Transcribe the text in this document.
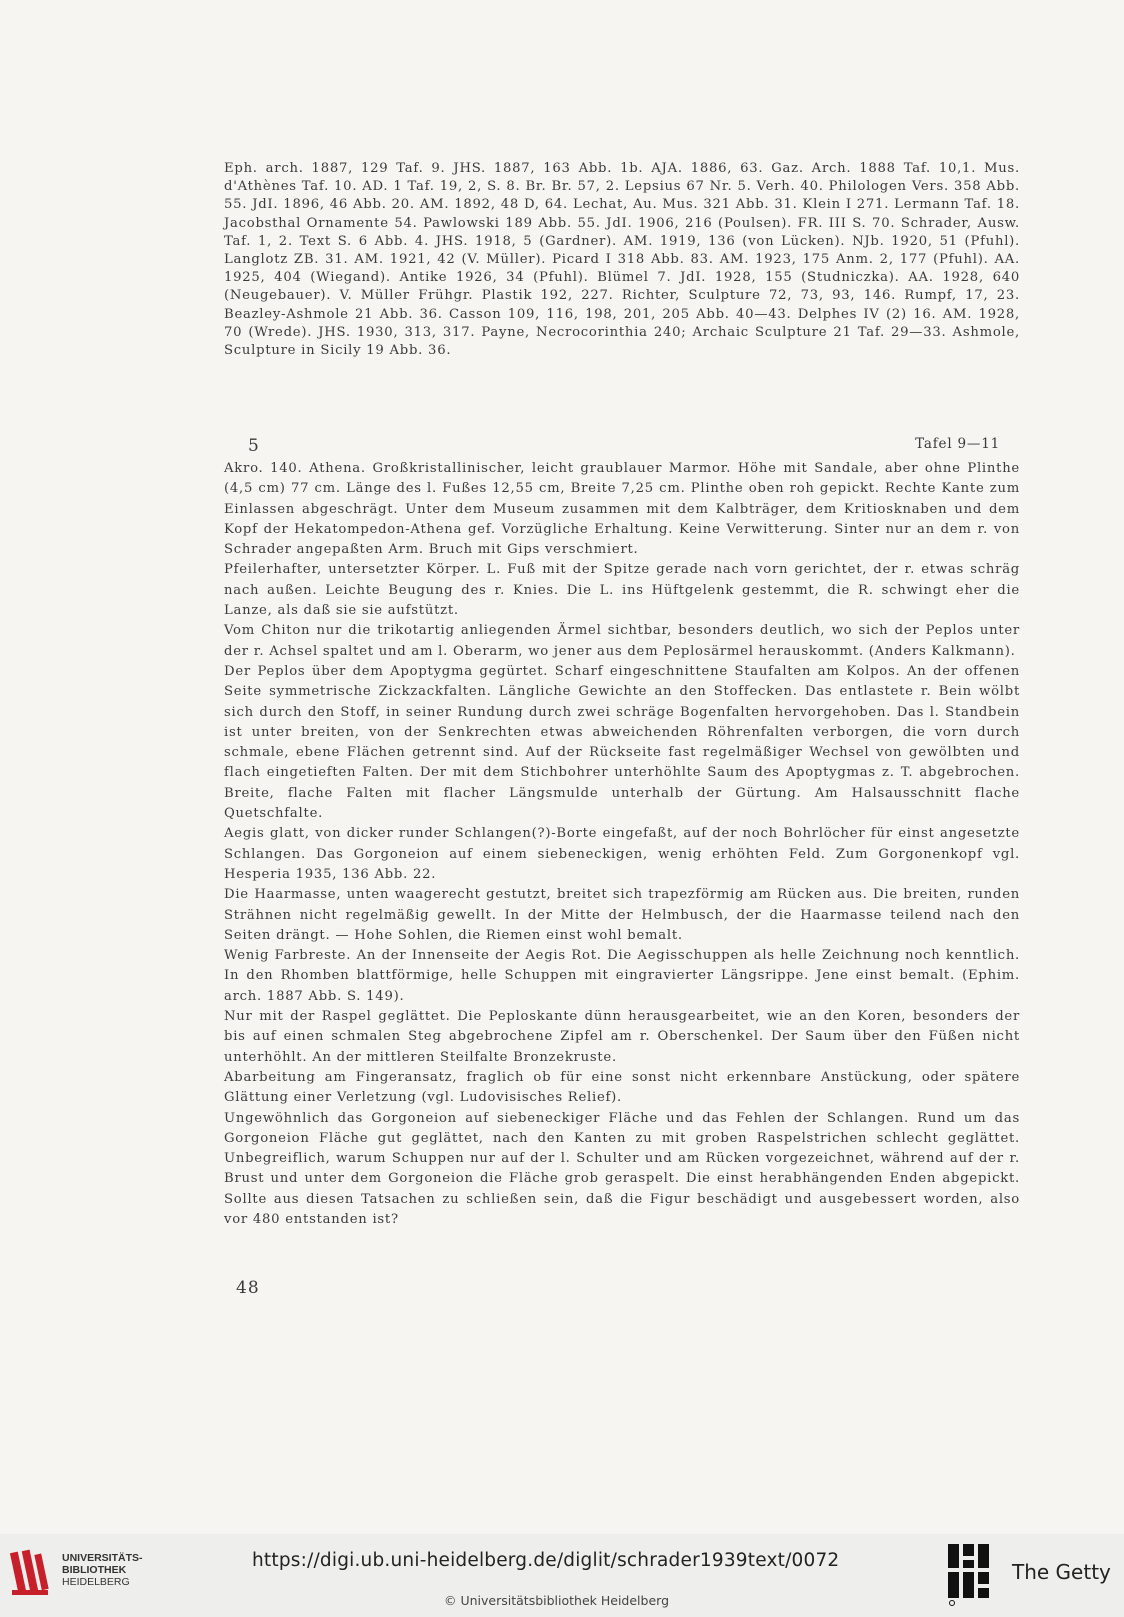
Eph. arch. 1887, 129 Taf. 9. JHS. 1887, 163 Abb. 1b. AJA. 1886, 63. Gaz. Arch. 1888 Taf. 10,1. Mus. d'Athènes Taf. 10. AD. 1 Taf. 19, 2, S. 8. Br. Br. 57, 2. Lepsius 67 Nr. 5. Verh. 40. Philologen Vers. 358 Abb. 55. JdI. 1896, 46 Abb. 20. AM. 1892, 48 D, 64. Lechat, Au. Mus. 321 Abb. 31. Klein I 271. Lermann Taf. 18. Jacobsthal Ornamente 54. Pawlowski 189 Abb. 55. JdI. 1906, 216 (Poulsen). FR. III S. 70. Schrader, Ausw. Taf. 1, 2. Text S. 6 Abb. 4. JHS. 1918, 5 (Gardner). AM. 1919, 136 (von Lücken). NJb. 1920, 51 (Pfuhl). Langlotz ZB. 31. AM. 1921, 42 (V. Müller). Picard I 318 Abb. 83. AM. 1923, 175 Anm. 2, 177 (Pfuhl). AA. 1925, 404 (Wiegand). Antike 1926, 34 (Pfuhl). Blümel 7. JdI. 1928, 155 (Studniczka). AA. 1928, 640 (Neugebauer). V. Müller Frühgr. Plastik 192, 227. Richter, Sculpture 72, 73, 93, 146. Rumpf, 17, 23. Beazley-Ashmole 21 Abb. 36. Casson 109, 116, 198, 201, 205 Abb. 40—43. Delphes IV (2) 16. AM. 1928, 70 (Wrede). JHS. 1930, 313, 317. Payne, Necrocorinthia 240; Archaic Sculpture 21 Taf. 29—33. Ashmole, Sculpture in Sicily 19 Abb. 36.
5	Tafel 9—11

Akro. 140. Athena. Großkristallinischer, leicht graublauer Marmor. Höhe mit Sandale, aber ohne Plinthe (4,5 cm) 77 cm. Länge des l. Fußes 12,55 cm, Breite 7,25 cm. Plinthe oben roh gepickt. Rechte Kante zum Einlassen abgeschrägt. Unter dem Museum zusammen mit dem Kalbträger, dem Kritiosknaben und dem Kopf der Hekatompedon-Athena gef. Vorzügliche Erhaltung. Keine Verwitterung. Sinter nur an dem r. von Schrader angepaßten Arm. Bruch mit Gips verschmiert.

Pfeilerhafter, untersetzter Körper. L. Fuß mit der Spitze gerade nach vorn gerichtet, der r. etwas schräg nach außen. Leichte Beugung des r. Knies. Die L. ins Hüftgelenk gestemmt, die R. schwingt eher die Lanze, als daß sie sie aufstützt.

Vom Chiton nur die trikotartig anliegenden Ärmel sichtbar, besonders deutlich, wo sich der Peplos unter der r. Achsel spaltet und am l. Oberarm, wo jener aus dem Peplosärmel herauskommt. (Anders Kalkmann).

Der Peplos über dem Apoptygma gegürtet. Scharf eingeschnittene Staufalten am Kolpos. An der offenen Seite symmetrische Zickzackfalten. Längliche Gewichte an den Stoffecken. Das entlastete r. Bein wölbt sich durch den Stoff, in seiner Rundung durch zwei schräge Bogenfalten hervorgehoben. Das l. Standbein ist unter breiten, von der Senkrechten etwas abweichenden Röhrenfalten verborgen, die vorn durch schmale, ebene Flächen getrennt sind. Auf der Rückseite fast regelmäßiger Wechsel von gewölbten und flach eingetieften Falten. Der mit dem Stichbohrer unterhöhlte Saum des Apoptygmas z. T. abgebrochen. Breite, flache Falten mit flacher Längsmulde unterhalb der Gürtung. Am Halsausschnitt flache Quetschfalte.

Aegis glatt, von dicker runder Schlangen(?)-Borte eingefaßt, auf der noch Bohrlöcher für einst angesetzte Schlangen. Das Gorgoneion auf einem siebeneckigen, wenig erhöhten Feld. Zum Gorgonenkopf vgl. Hesperia 1935, 136 Abb. 22.

Die Haarmasse, unten waagerecht gestutzt, breitet sich trapezförmig am Rücken aus. Die breiten, runden Strähnen nicht regelmäßig gewellt. In der Mitte der Helmbusch, der die Haarmasse teilend nach den Seiten drängt. — Hohe Sohlen, die Riemen einst wohl bemalt.

Wenig Farbreste. An der Innenseite der Aegis Rot. Die Aegisschuppen als helle Zeichnung noch kenntlich. In den Rhomben blattförmige, helle Schuppen mit eingravierter Längsrippe. Jene einst bemalt. (Ephim. arch. 1887 Abb. S. 149).

Nur mit der Raspel geglättet. Die Peploskante dünn herausgearbeitet, wie an den Koren, besonders der bis auf einen schmalen Steg abgebrochene Zipfel am r. Oberschenkel. Der Saum über den Füßen nicht unterhöhlt. An der mittleren Steilfalte Bronzekruste.

Abarbeitung am Fingeransatz, fraglich ob für eine sonst nicht erkennbare Anstückung, oder spätere Glättung einer Verletzung (vgl. Ludovisisches Relief).

Ungewöhnlich das Gorgoneion auf siebeneckiger Fläche und das Fehlen der Schlangen. Rund um das Gorgoneion Fläche gut geglättet, nach den Kanten zu mit groben Raspelstrichen schlecht geglättet. Unbegreiflich, warum Schuppen nur auf der l. Schulter und am Rücken vorgezeichnet, während auf der r. Brust und unter dem Gorgoneion die Fläche grob geraspelt. Die einst herabhängenden Enden abgepickt. Sollte aus diesen Tatsachen zu schließen sein, daß die Figur beschädigt und ausgebessert worden, also vor 480 entstanden ist?

48
UNIVERSITÄTS-
BIBLIOTHEK
HEIDELBERG
https://digi.ub.uni-heidelberg.de/diglit/schrader1939text/0072
© Universitätsbibliothek Heidelberg
The Getty
